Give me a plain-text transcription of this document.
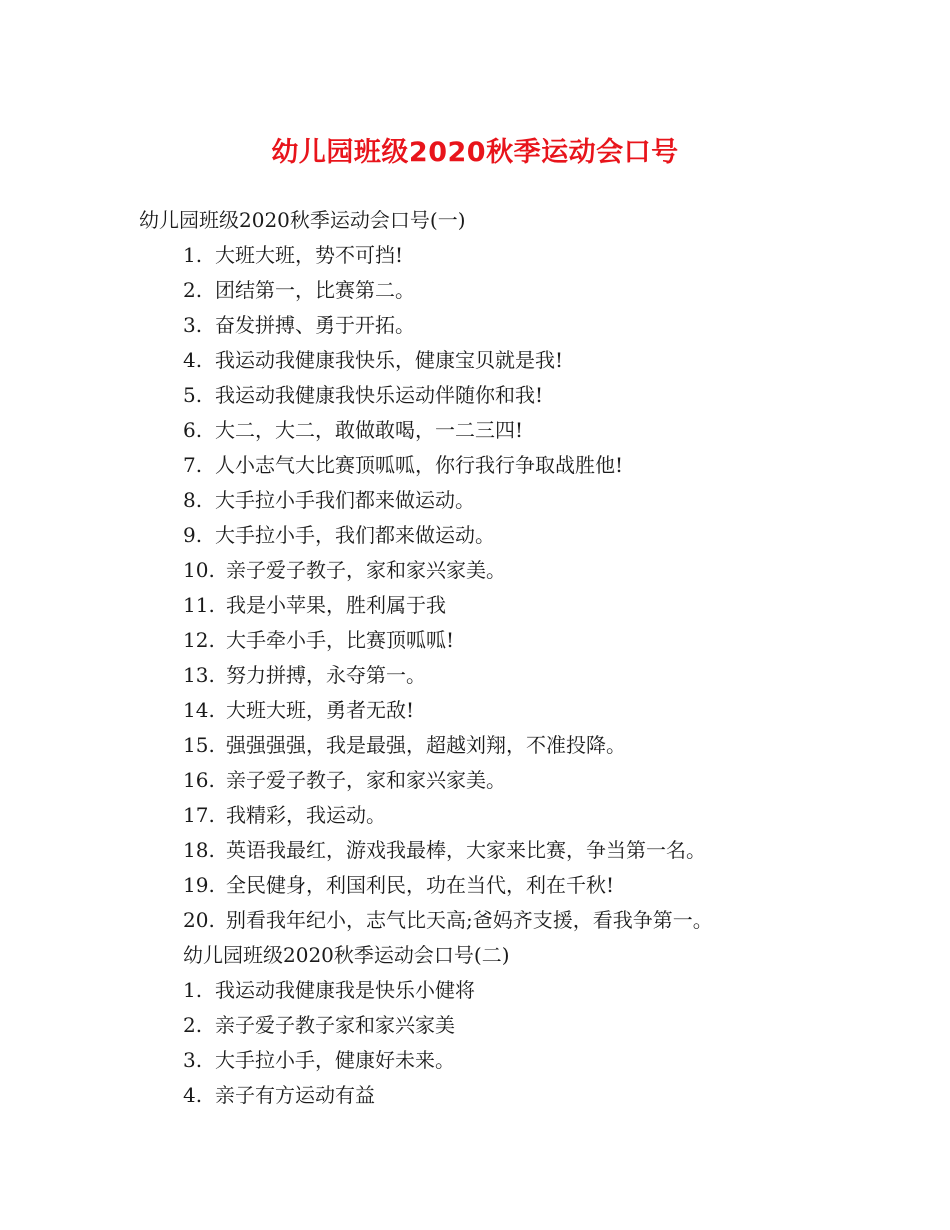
幼儿园班级2020秋季运动会口号
幼儿园班级2020秋季运动会口号(一)
1. 大班大班，势不可挡!
2. 团结第一，比赛第二。
3. 奋发拼搏、勇于开拓。
4. 我运动我健康我快乐，健康宝贝就是我!
5. 我运动我健康我快乐运动伴随你和我!
6. 大二，大二，敢做敢喝，一二三四!
7. 人小志气大比赛顶呱呱，你行我行争取战胜他!
8. 大手拉小手我们都来做运动。
9. 大手拉小手，我们都来做运动。
10. 亲子爱子教子，家和家兴家美。
11. 我是小苹果，胜利属于我
12. 大手牵小手，比赛顶呱呱!
13. 努力拼搏，永夺第一。
14. 大班大班，勇者无敌!
15. 强强强强，我是最强，超越刘翔，不准投降。
16. 亲子爱子教子，家和家兴家美。
17. 我精彩，我运动。
18. 英语我最红，游戏我最棒，大家来比赛，争当第一名。
19. 全民健身，利国利民，功在当代，利在千秋!
20. 别看我年纪小，志气比天高;爸妈齐支援，看我争第一。
幼儿园班级2020秋季运动会口号(二)
1. 我运动我健康我是快乐小健将
2. 亲子爱子教子家和家兴家美
3. 大手拉小手，健康好未来。
4. 亲子有方运动有益
